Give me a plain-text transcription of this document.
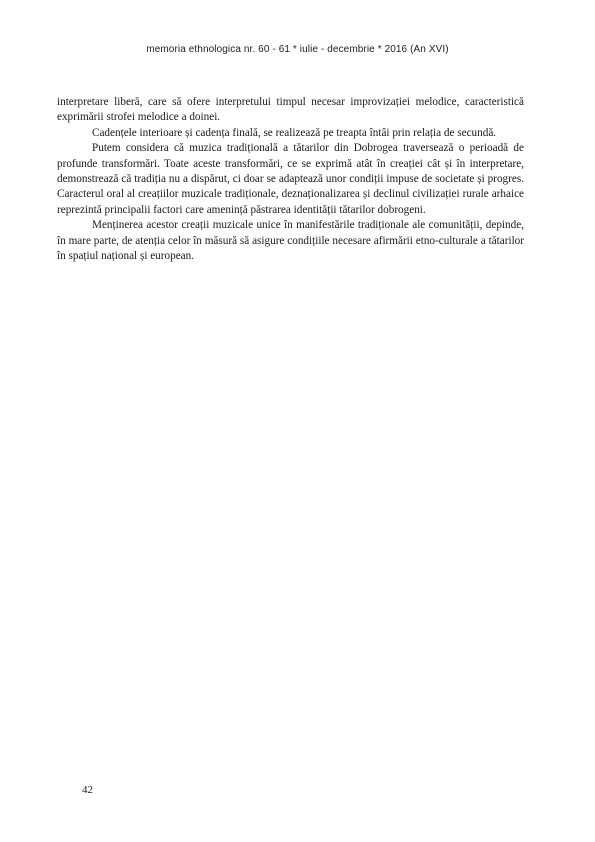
memoria ethnologica nr. 60 - 61 * iulie - decembrie * 2016 (An XVI)

interpretare liberă, care să ofere interpretului timpul necesar improvizației melodice, caracteristică exprimării strofei melodice a doinei.

Cadențele interioare și cadența finală, se realizează pe treapta întâi prin relația de secundă.

Putem considera că muzica tradițională a tătarilor din Dobrogea traversează o perioadă de profunde transformări. Toate aceste transformări, ce se exprimă atât în creației cât și în interpretare, demonstrează că tradiția nu a dispărut, ci doar se adaptează unor condiții impuse de societate și progres. Caracterul oral al creațiilor muzicale tradiționale, deznaționalizarea și declinul civilizației rurale arhaice reprezintă principalii factori care amenință păstrarea identității tătarilor dobrogeni.

Menținerea acestor creații muzicale unice în manifestările tradiționale ale comunității, depinde, în mare parte, de atenția celor în măsură să asigure condițiile necesare afirmării etno-culturale a tătarilor în spațiul național și european.

42
